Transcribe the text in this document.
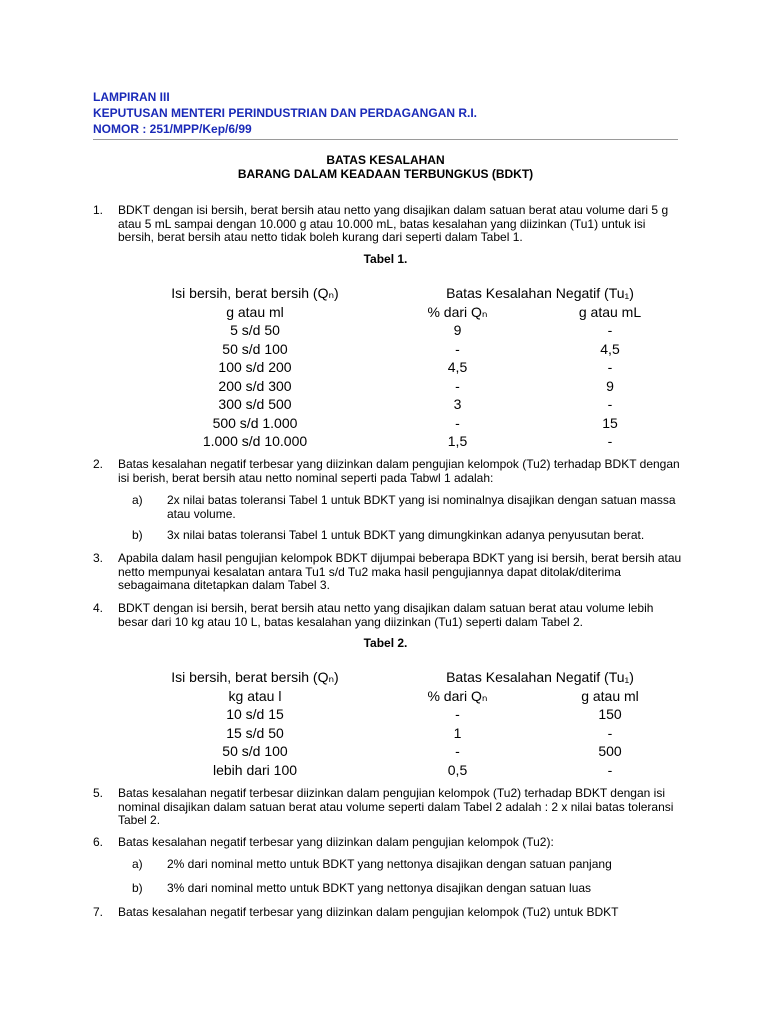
LAMPIRAN III
KEPUTUSAN MENTERI PERINDUSTRIAN DAN PERDAGANGAN R.I.
NOMOR : 251/MPP/Kep/6/99
BATAS KESALAHAN
BARANG DALAM KEADAAN TERBUNGKUS (BDKT)
1. BDKT dengan isi bersih, berat bersih atau netto yang disajikan dalam satuan berat atau volume dari 5 g atau 5 mL sampai dengan 10.000 g atau 10.000 mL, batas kesalahan yang diizinkan (Tu1) untuk isi bersih, berat bersih atau netto tidak boleh kurang dari seperti dalam Tabel 1.
Tabel 1.
Isi bersih, berat bersih (Qₙ)	Batas Kesalahan Negatif (Tu₁)
g atau ml	% dari Qₙ	g atau mL
5 s/d 50	9	-
50 s/d 100	-	4,5
100 s/d 200	4,5	-
200 s/d 300	-	9
300 s/d 500	3	-
500 s/d 1.000	-	15
1.000 s/d 10.000	1,5	-
2. Batas kesalahan negatif terbesar yang diizinkan dalam pengujian kelompok (Tu2) terhadap BDKT dengan isi berish, berat bersih atau netto nominal seperti pada Tabwl 1 adalah:
a) 2x nilai batas toleransi Tabel 1 untuk BDKT yang isi nominalnya disajikan dengan satuan massa atau volume.
b) 3x nilai batas toleransi Tabel 1 untuk BDKT yang dimungkinkan adanya penyusutan berat.
3. Apabila dalam hasil pengujian kelompok BDKT dijumpai beberapa BDKT yang isi bersih, berat bersih atau netto mempunyai kesalatan antara Tu1 s/d Tu2 maka hasil pengujiannya dapat ditolak/diterima sebagaimana ditetapkan dalam Tabel 3.
4. BDKT dengan isi bersih, berat bersih atau netto yang disajikan dalam satuan berat atau volume lebih besar dari 10 kg atau 10 L, batas kesalahan yang diizinkan (Tu1) seperti dalam Tabel 2.
Tabel 2.
Isi bersih, berat bersih (Qₙ)	Batas Kesalahan Negatif (Tu₁)
kg atau l	% dari Qₙ	g atau ml
10 s/d 15	-	150
15 s/d 50	1	-
50 s/d 100	-	500
lebih dari 100	0,5	-
5. Batas kesalahan negatif terbesar diizinkan dalam pengujian kelompok (Tu2) terhadap BDKT dengan isi nominal disajikan dalam satuan berat atau volume seperti dalam Tabel 2 adalah : 2 x nilai batas toleransi Tabel 2.
6. Batas kesalahan negatif terbesar yang diizinkan dalam pengujian kelompok (Tu2):
a) 2% dari nominal metto untuk BDKT yang nettonya disajikan dengan satuan panjang
b) 3% dari nominal metto untuk BDKT yang nettonya disajikan dengan satuan luas
7. Batas kesalahan negatif terbesar yang diizinkan dalam pengujian kelompok (Tu2) untuk BDKT
